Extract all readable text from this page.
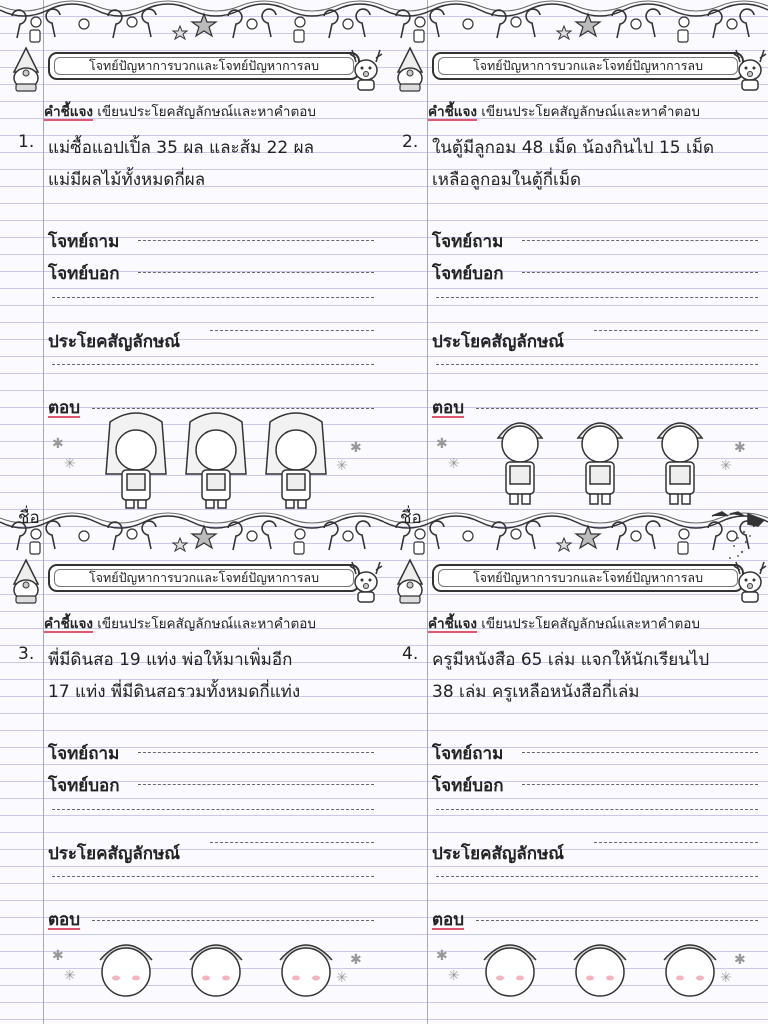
โจทย์ปัญหาการบวกและโจทย์ปัญหาการลบ
คำชี้แจง เขียนประโยคสัญลักษณ์และหาคำตอบ
1. แม่ซื้อแอปเปิ้ล 35 ผล และส้ม 22 ผล
แม่มีผลไม้ทั้งหมดกี่ผล
โจทย์ถาม
โจทย์บอก
ประโยคสัญลักษณ์
ตอบ
✱
✳
✱
✳
โจทย์ปัญหาการบวกและโจทย์ปัญหาการลบ
คำชี้แจง เขียนประโยคสัญลักษณ์และหาคำตอบ
2. ในตู้มีลูกอม 48 เม็ด น้องกินไป 15 เม็ด
เหลือลูกอมในตู้กี่เม็ด
โจทย์ถาม
โจทย์บอก
ประโยคสัญลักษณ์
ตอบ
✱
✳
✱
✳
โจทย์ปัญหาการบวกและโจทย์ปัญหาการลบ
คำชี้แจง เขียนประโยคสัญลักษณ์และหาคำตอบ
3. พี่มีดินสอ 19 แท่ง พ่อให้มาเพิ่มอีก
17 แท่ง พี่มีดินสอรวมทั้งหมดกี่แท่ง
โจทย์ถาม
โจทย์บอก
ประโยคสัญลักษณ์
ตอบ
✱
✳
✱
✳
โจทย์ปัญหาการบวกและโจทย์ปัญหาการลบ
คำชี้แจง เขียนประโยคสัญลักษณ์และหาคำตอบ
4. ครูมีหนังสือ 65 เล่ม แจกให้นักเรียนไป
38 เล่ม ครูเหลือหนังสือกี่เล่ม
โจทย์ถาม
โจทย์บอก
ประโยคสัญลักษณ์
ตอบ
✱
✳
✱
✳
ชื่อ	ชื่อ
